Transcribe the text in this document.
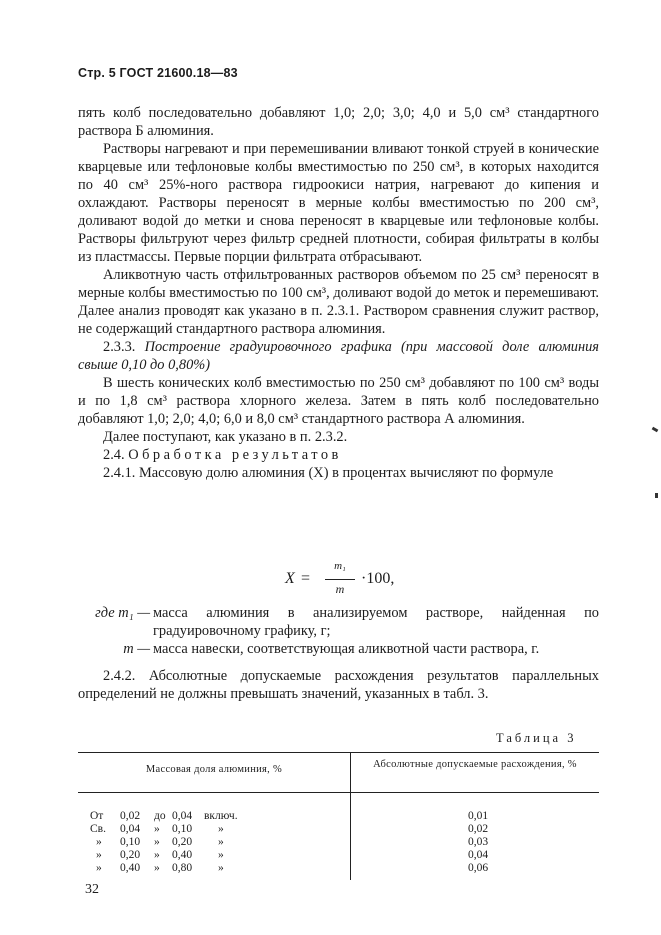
Стр. 5 ГОСТ 21600.18—83

пять колб последовательно добавляют 1,0; 2,0; 3,0; 4,0 и 5,0 см³ стандартного раствора Б алюминия.

Растворы нагревают и при перемешивании вливают тонкой струей в конические кварцевые или тефлоновые колбы вместимостью по 250 см³, в которых находится по 40 см³ 25%-ного раствора гидроокиси натрия, нагревают до кипения и охлаждают. Растворы переносят в мерные колбы вместимостью по 200 см³, доливают водой до метки и снова переносят в кварцевые или тефлоновые колбы. Растворы фильтруют через фильтр средней плотности, собирая фильтраты в колбы из пластмассы. Первые порции фильтрата отбрасывают.

Аликвотную часть отфильтрованных растворов объемом по 25 см³ переносят в мерные колбы вместимостью по 100 см³, доливают водой до меток и перемешивают. Далее анализ проводят как указано в п. 2.3.1. Раствором сравнения служит раствор, не содержащий стандартного раствора алюминия.

2.3.3. Построение градуировочного графика (при массовой доле алюминия свыше 0,10 до 0,80%)

В шесть конических колб вместимостью по 250 см³ добавляют по 100 см³ воды и по 1,8 см³ раствора хлорного железа. Затем в пять колб последовательно добавляют 1,0; 2,0; 4,0; 6,0 и 8,0 см³ стандартного раствора А алюминия.

Далее поступают, как указано в п. 2.3.2.

2.4. Обработка результатов

2.4.1. Массовую долю алюминия (X) в процентах вычисляют по формуле

X =
m₁
m
·100,
где m₁ — масса алюминия в анализируемом растворе, найденная по градуировочному графику, г;
m — масса навески, соответствующая аликвотной части раствора, г.

2.4.2. Абсолютные допускаемые расхождения результатов параллельных определений не должны превышать значений, указанных в табл. 3.

Таблица 3
Массовая доля алюминия, %	Абсолютные допускаемые расхождения, %
От 0,02 до 0,04 включ.	0,01
Св. 0,04 » 0,10 »	0,02
» 0,10 » 0,20 »	0,03
» 0,20 » 0,40 »	0,04
» 0,40 » 0,80 »	0,06
32
